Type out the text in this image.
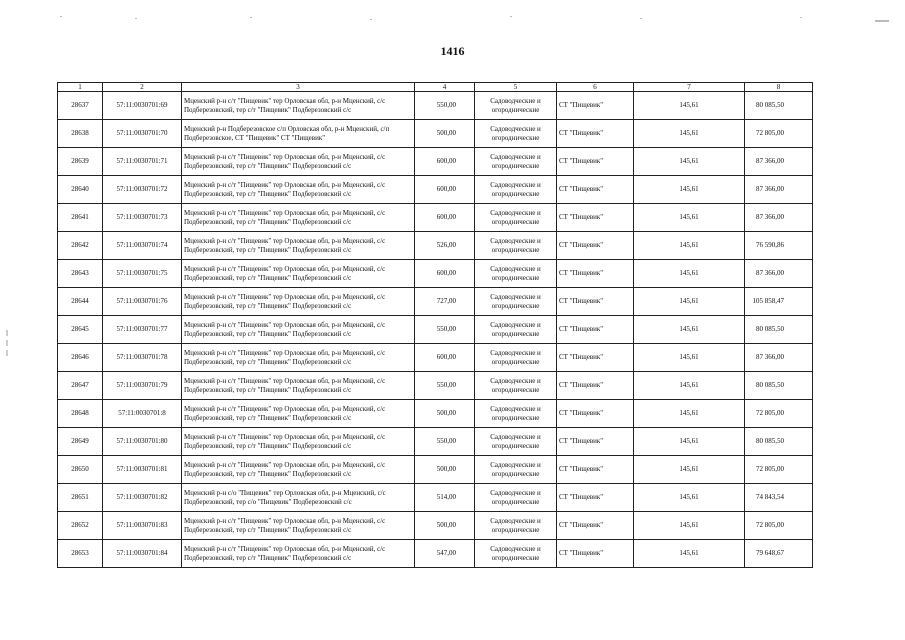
1416
1	2	3	4	5	6	7	8
28637	57:11:0030701:69	Мценский р-н с/т "Пищевик" тер Орловская обл, р-н Мценский, с/с Подберезовский, тер с/т "Пищевик" Подберезовский с/с	550,00	Садоводческие и огороднические	СТ "Пищевик"	145,61	80 085,50
28638	57:11:0030701:70	Мценский р-н Подберезовское с/п Орловская обл, р-н Мценский, с/п Подберезовское, СТ "Пищевик" СТ "Пищевик"	500,00	Садоводческие и огороднические	СТ "Пищевик"	145,61	72 805,00
28639	57:11:0030701:71	Мценский р-н с/т "Пищевик" тер Орловская обл, р-н Мценский, с/с Подберезовский, тер с/т "Пищевик" Подберезовский с/с	600,00	Садоводческие и огороднические	СТ "Пищевик"	145,61	87 366,00
28640	57:11:0030701:72	Мценский р-н с/т "Пищевик" тер Орловская обл, р-н Мценский, с/с Подберезовский, тер с/т "Пищевик" Подберезовский с/с	600,00	Садоводческие и огороднические	СТ "Пищевик"	145,61	87 366,00
28641	57:11:0030701:73	Мценский р-н с/т "Пищевик" тер Орловская обл, р-н Мценский, с/с Подберезовский, тер с/т "Пищевик" Подберезовский с/с	600,00	Садоводческие и огороднические	СТ "Пищевик"	145,61	87 366,00
28642	57:11:0030701:74	Мценский р-н с/т "Пищевик" тер Орловская обл, р-н Мценский, с/с Подберезовский, тер с/т "Пищевик" Подберезовский с/с	526,00	Садоводческие и огороднические	СТ "Пищевик"	145,61	76 590,86
28643	57:11:0030701:75	Мценский р-н с/т "Пищевик" тер Орловская обл, р-н Мценский, с/с Подберезовский, тер с/т "Пищевик" Подберезовский с/с	600,00	Садоводческие и огороднические	СТ "Пищевик"	145,61	87 366,00
28644	57:11:0030701:76	Мценский р-н с/т "Пищевик" тер Орловская обл, р-н Мценский, с/с Подберезовский, тер с/т "Пищевик" Подберезовский с/с	727,00	Садоводческие и огороднические	СТ "Пищевик"	145,61	105 858,47
28645	57:11:0030701:77	Мценский р-н с/т "Пищевик" тер Орловская обл, р-н Мценский, с/с Подберезовский, тер с/т "Пищевик" Подберезовский с/с	550,00	Садоводческие и огороднические	СТ "Пищевик"	145,61	80 085,50
28646	57:11:0030701:78	Мценский р-н с/т "Пищевик" тер Орловская обл, р-н Мценский, с/с Подберезовский, тер с/т "Пищевик" Подберезовский с/с	600,00	Садоводческие и огороднические	СТ "Пищевик"	145,61	87 366,00
28647	57:11:0030701:79	Мценский р-н с/т "Пищевик" тер Орловская обл, р-н Мценский, с/с Подберезовский, тер с/т "Пищевик" Подберезовский с/с	550,00	Садоводческие и огороднические	СТ "Пищевик"	145,61	80 085,50
28648	57:11:0030701:8	Мценский р-н с/т "Пищевик" тер Орловская обл, р-н Мценский, с/с Подберезовский, тер с/т "Пищевик" Подберезовский с/с	500,00	Садоводческие и огороднические	СТ "Пищевик"	145,61	72 805,00
28649	57:11:0030701:80	Мценский р-н с/т "Пищевик" тер Орловская обл, р-н Мценский, с/с Подберезовский, тер с/т "Пищевик" Подберезовский с/с	550,00	Садоводческие и огороднические	СТ "Пищевик"	145,61	80 085,50
28650	57:11:0030701:81	Мценский р-н с/т "Пищевик" тер Орловская обл, р-н Мценский, с/с Подберезовский, тер с/т "Пищевик" Подберезовский с/с	500,00	Садоводческие и огороднические	СТ "Пищевик"	145,61	72 805,00
28651	57:11:0030701:82	Мценский р-н с/о "Пищевик" тер Орловская обл, р-н Мценский, с/с Подберезовский, тер с/о "Пищевик" Подберезовский с/с	514,00	Садоводческие и огороднические	СТ "Пищевик"	145,61	74 843,54
28652	57:11:0030701:83	Мценский р-н с/т "Пищевик" тер Орловская обл, р-н Мценский, с/с Подберезовский, тер с/т "Пищевик" Подберезовский с/с	500,00	Садоводческие и огороднические	СТ "Пищевик"	145,61	72 805,00
28653	57:11:0030701:84	Мценский р-н с/т "Пищевик" тер Орловская обл, р-н Мценский, с/с Подберезовский, тер с/т "Пищевик" Подберезовский с/с	547,00	Садоводческие и огороднические	СТ "Пищевик"	145,61	79 648,67
